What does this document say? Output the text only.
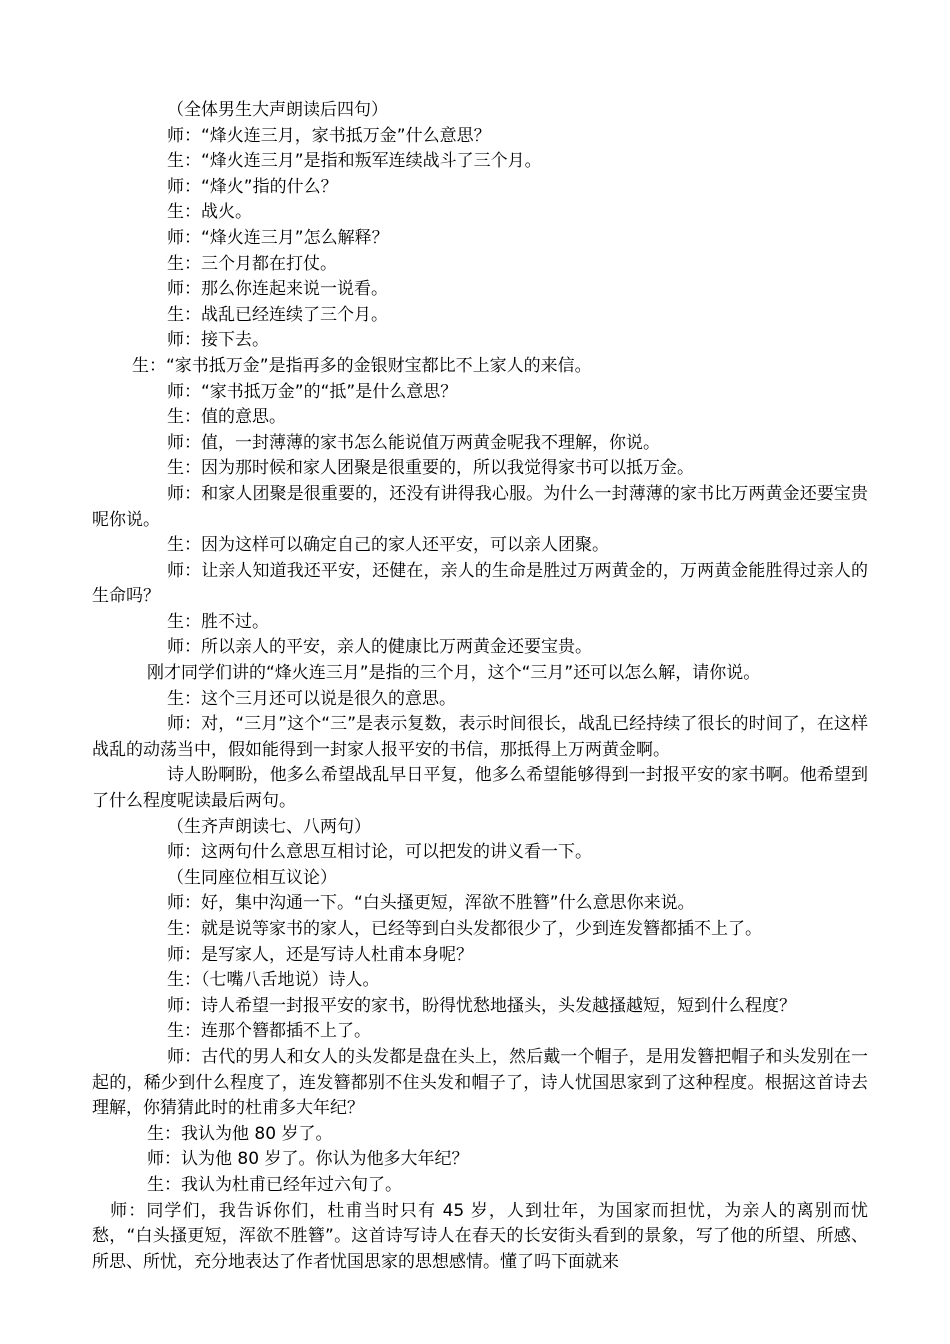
（全体男生大声朗读后四句）

师：“烽火连三月，家书抵万金”什么意思？

生：“烽火连三月”是指和叛军连续战斗了三个月。

师：“烽火”指的什么？

生：战火。

师：“烽火连三月”怎么解释？

生：三个月都在打仗。

师：那么你连起来说一说看。

生：战乱已经连续了三个月。

师：接下去。

生：“家书抵万金”是指再多的金银财宝都比不上家人的来信。

师：“家书抵万金”的“抵”是什么意思？

生：值的意思。

师：值，一封薄薄的家书怎么能说值万两黄金呢我不理解，你说。

生：因为那时候和家人团聚是很重要的，所以我觉得家书可以抵万金。

师：和家人团聚是很重要的，还没有讲得我心服。为什么一封薄薄的家书比万两黄金还要宝贵呢你说。

生：因为这样可以确定自己的家人还平安，可以亲人团聚。

师：让亲人知道我还平安，还健在，亲人的生命是胜过万两黄金的，万两黄金能胜得过亲人的生命吗？

生：胜不过。

师：所以亲人的平安，亲人的健康比万两黄金还要宝贵。

刚才同学们讲的“烽火连三月”是指的三个月，这个“三月”还可以怎么解，请你说。

生：这个三月还可以说是很久的意思。

师：对，“三月”这个“三”是表示复数，表示时间很长，战乱已经持续了很长的时间了，在这样战乱的动荡当中，假如能得到一封家人报平安的书信，那抵得上万两黄金啊。

诗人盼啊盼，他多么希望战乱早日平复，他多么希望能够得到一封报平安的家书啊。他希望到了什么程度呢读最后两句。

（生齐声朗读七、八两句）

师：这两句什么意思互相讨论，可以把发的讲义看一下。

（生同座位相互议论）

师：好，集中沟通一下。“白头搔更短，浑欲不胜簪”什么意思你来说。

生：就是说等家书的家人，已经等到白头发都很少了，少到连发簪都插不上了。

师：是写家人，还是写诗人杜甫本身呢？

生：（七嘴八舌地说）诗人。

师：诗人希望一封报平安的家书，盼得忧愁地搔头，头发越搔越短，短到什么程度？

生：连那个簪都插不上了。

师：古代的男人和女人的头发都是盘在头上，然后戴一个帽子，是用发簪把帽子和头发别在一起的，稀少到什么程度了，连发簪都别不住头发和帽子了，诗人忧国思家到了这种程度。根据这首诗去理解，你猜猜此时的杜甫多大年纪？

生：我认为他 80 岁了。

师：认为他 80 岁了。你认为他多大年纪？

生：我认为杜甫已经年过六旬了。

　师：同学们，我告诉你们，杜甫当时只有 45 岁，人到壮年，为国家而担忧，为亲人的离别而忧愁，“白头搔更短，浑欲不胜簪”。这首诗写诗人在春天的长安街头看到的景象，写了他的所望、所感、所思、所忧，充分地表达了作者忧国思家的思想感情。懂了吗下面就来
